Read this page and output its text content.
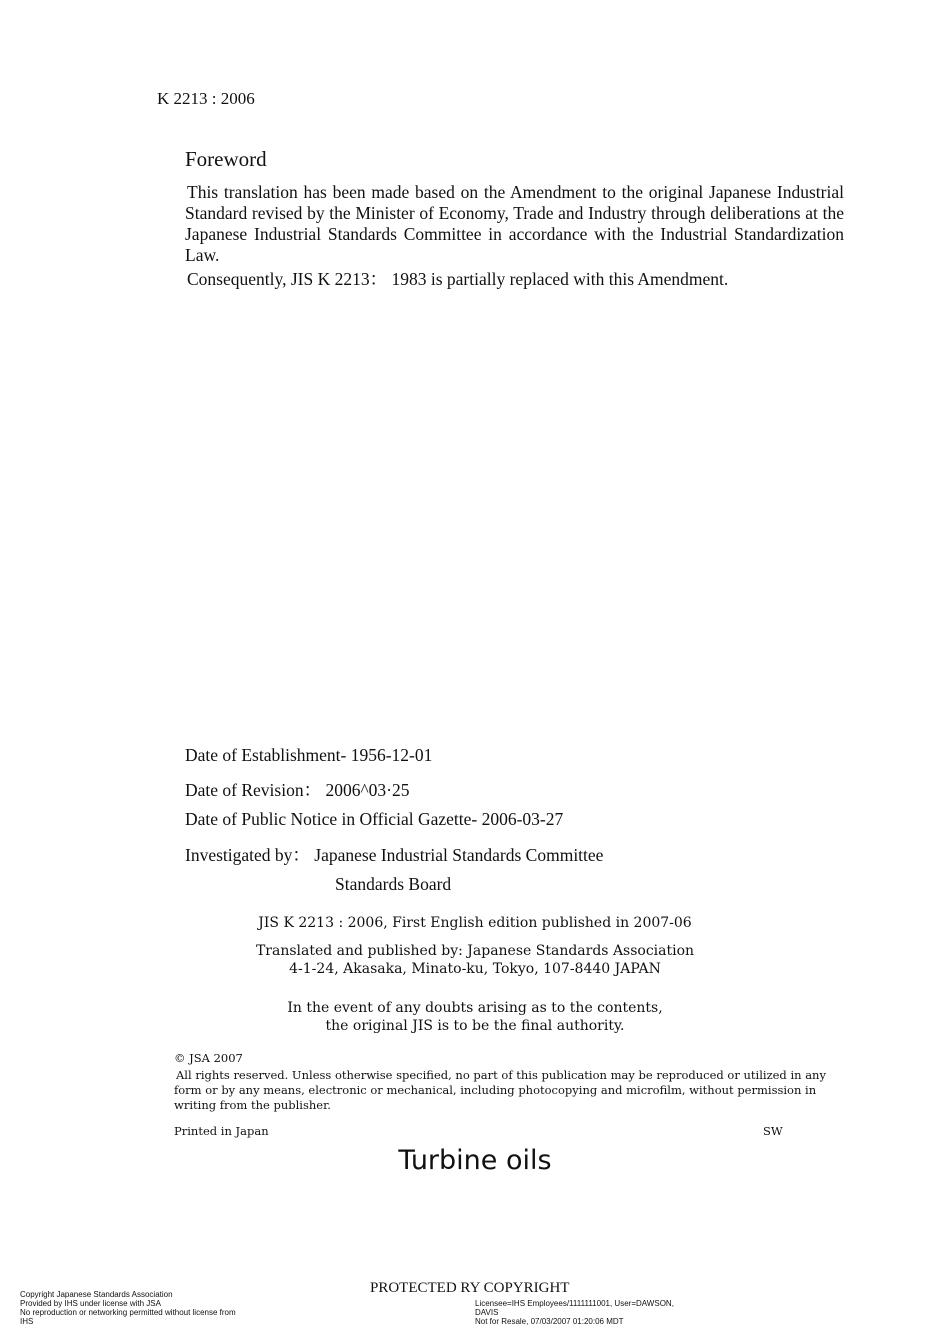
K 2213 : 2006
Foreword
This translation has been made based on the Amendment to the original Japanese Industrial Standard revised by the Minister of Economy, Trade and Industry through deliberations at the Japanese Industrial Standards Committee in accordance with the Industrial Standardization Law.
Consequently, JIS K 2213： 1983 is partially replaced with this Amendment.
Date of Establishment- 1956-12-01
Date of Revision： 2006^03·25
Date of Public Notice in Official Gazette- 2006-03-27
Investigated by： Japanese Industrial Standards Committee
Standards Board
JIS K 2213 : 2006, First English edition published in 2007-06
Translated and published by: Japanese Standards Association
4-1-24, Akasaka, Minato-ku, Tokyo, 107-8440 JAPAN
In the event of any doubts arising as to the contents,
the original JIS is to be the final authority.
© JSA 2007
All rights reserved. Unless otherwise specified, no part of this publication may be reproduced or utilized in any form or by any means, electronic or mechanical, including photocopying and microfilm, without permission in writing from the publisher.
Printed in Japan	SW
Turbine oils
PROTECTED RY COPYRIGHT
Copyright Japanese Standards Association
Provided by IHS under license with JSA
No reproduction or networking permitted without license from
IHS
Licensee=IHS Employees/1111111001, User=DAWSON,
DAVIS
Not for Resale, 07/03/2007 01:20:06 MDT
